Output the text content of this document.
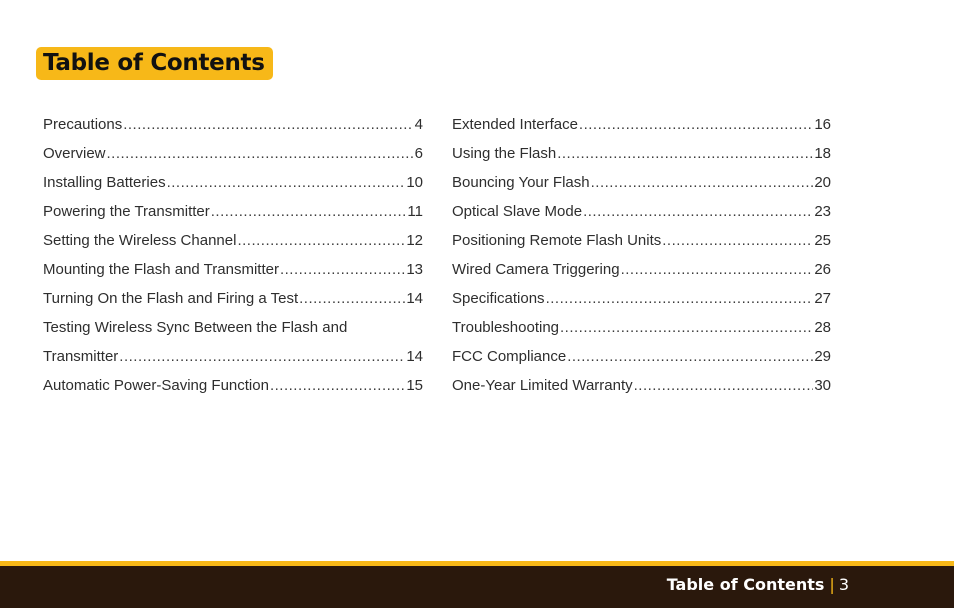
Table of Contents
Precautions .....	4
Overview .....	6
Installing Batteries .....	10
Powering the Transmitter .....	11
Setting the Wireless Channel .....	12
Mounting the Flash and Transmitter .....	13
Turning On the Flash and Firing a Test .....	14
Testing Wireless Sync Between the Flash and
Transmitter .....	14
Automatic Power-Saving Function .....	15
Extended Interface .....	16
Using the Flash .....	18
Bouncing Your Flash .....	20
Optical Slave Mode .....	23
Positioning Remote Flash Units .....	25
Wired Camera Triggering .....	26
Specifications .....	27
Troubleshooting .....	28
FCC Compliance .....	29
One-Year Limited Warranty .....	30
Table of Contents | 3
